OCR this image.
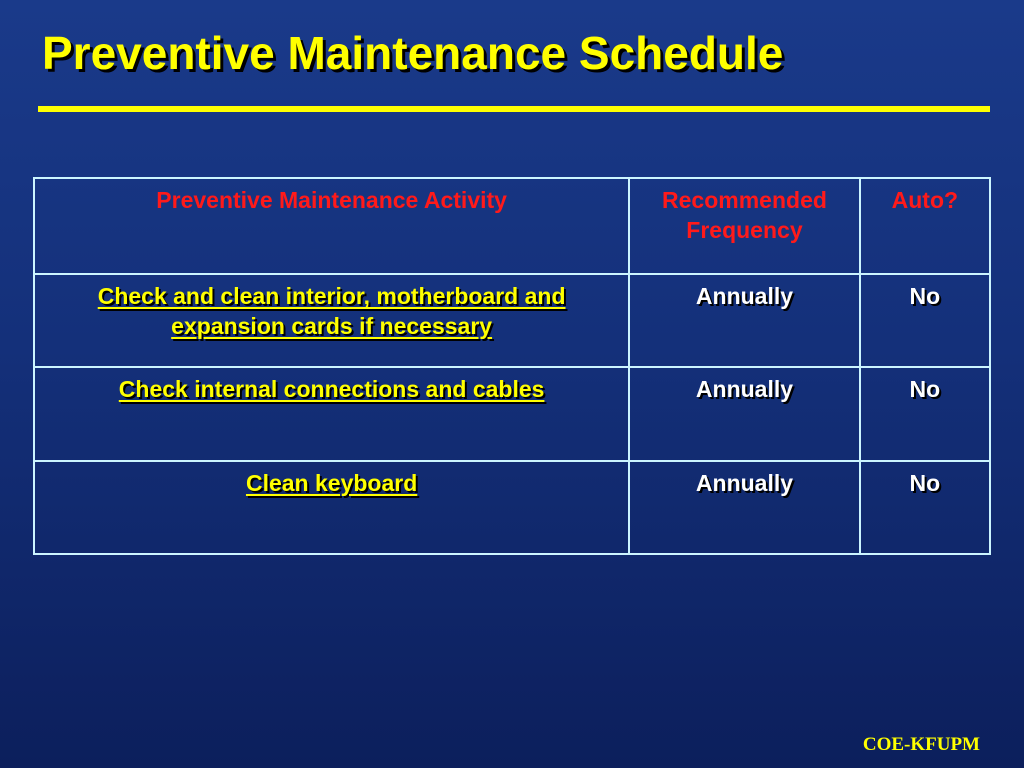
Preventive Maintenance Schedule
Preventive Maintenance Activity	Recommended Frequency	Auto?
Check and clean interior, motherboard and expansion cards if necessary	Annually	No
Check internal connections and cables	Annually	No
Clean keyboard	Annually	No
COE-KFUPM
